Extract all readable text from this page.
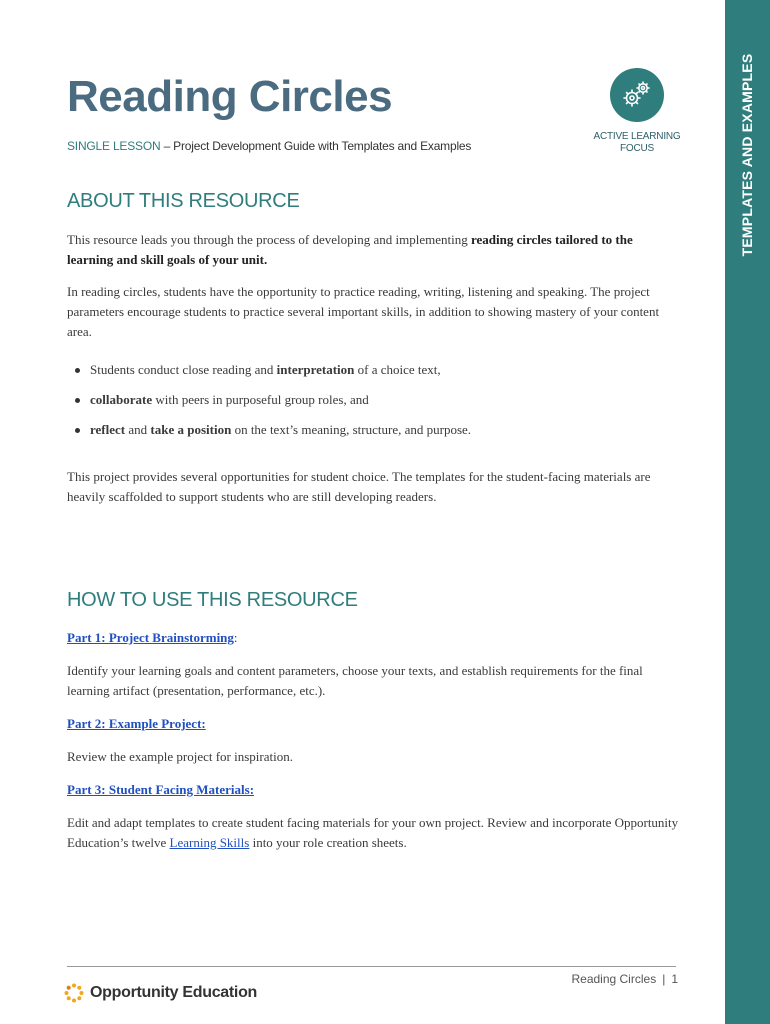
TEMPLATES AND EXAMPLES
Reading Circles
SINGLE LESSON – Project Development Guide with Templates and Examples
ACTIVE LEARNING
FOCUS
ABOUT THIS RESOURCE

This resource leads you through the process of developing and implementing reading circles tailored to the learning and skill goals of your unit.

In reading circles, students have the opportunity to practice reading, writing, listening and speaking. The project parameters encourage students to practice several important skills, in addition to showing mastery of your content area.

Students conduct close reading and interpretation of a choice text,
collaborate with peers in purposeful group roles, and
reflect and take a position on the text’s meaning, structure, and purpose.

This project provides several opportunities for student choice. The templates for the student-facing materials are heavily scaffolded to support students who are still developing readers.

HOW TO USE THIS RESOURCE

Part 1: Project Brainstorming:

Identify your learning goals and content parameters, choose your texts, and establish requirements for the final learning artifact (presentation, performance, etc.).

Part 2: Example Project:

Review the example project for inspiration.

Part 3: Student Facing Materials:

Edit and adapt templates to create student facing materials for your own project. Review and incorporate Opportunity Education’s twelve Learning Skills into your role creation sheets.

Reading Circles | 1
Opportunity Education
